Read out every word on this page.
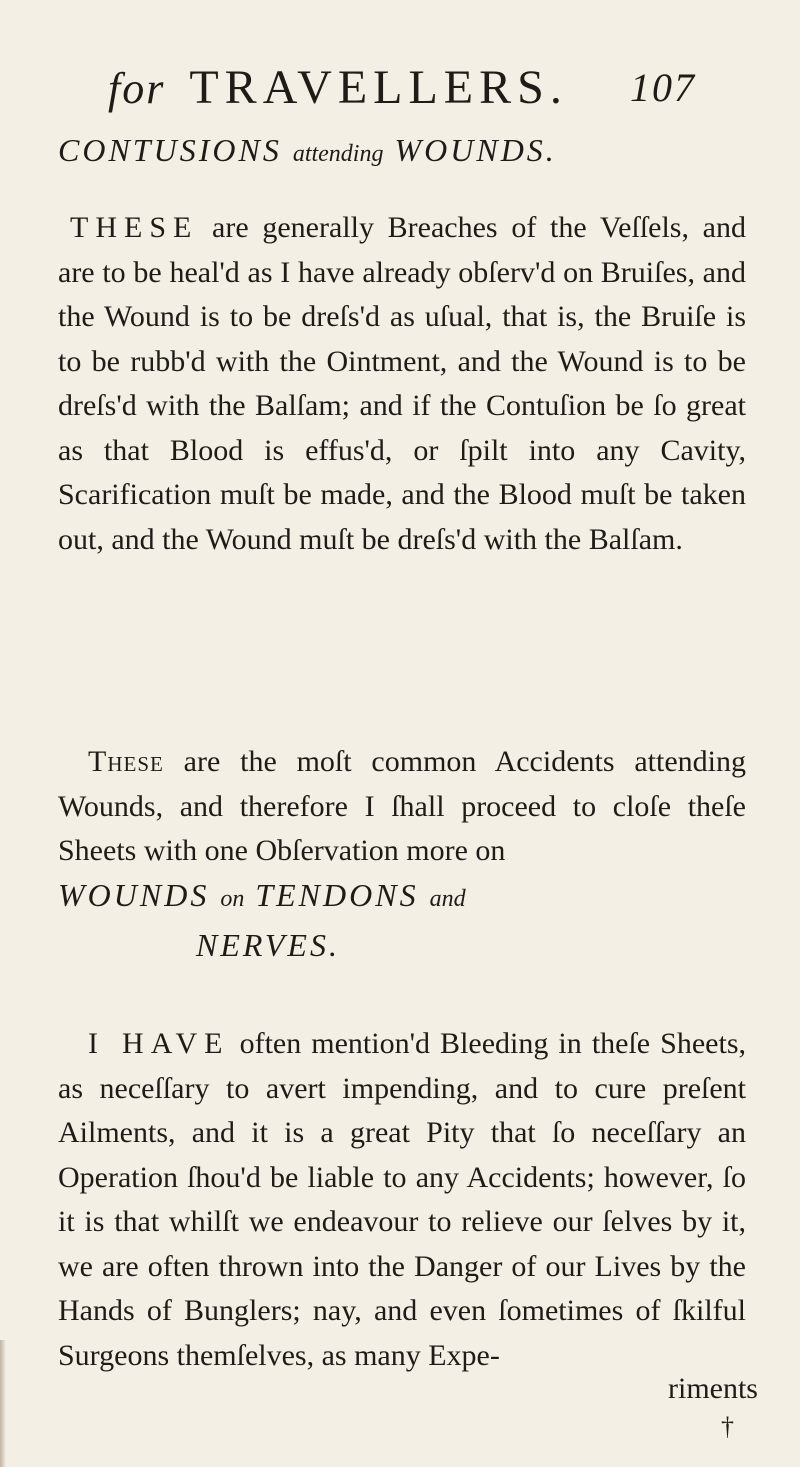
for TRAVELLERS. 107
CONTUSIONS attending WOUNDS.
THESE are generally Breaches of the Veſſels, and are to be heal'd as I have already obſerv'd on Bruiſes, and the Wound is to be dreſs'd as uſual, that is, the Bruiſe is to be rubb'd with the Ointment, and the Wound is to be dreſs'd with the Balſam; and if the Contuſion be ſo great as that Blood is effus'd, or ſpilt into any Cavity, Scarification muſt be made, and the Blood muſt be taken out, and the Wound muſt be dreſs'd with the Balſam.
 These are the moſt common Accidents attending Wounds, and therefore I ſhall proceed to cloſe theſe Sheets with one Obſervation more on
WOUNDS on TENDONS and
NERVES.
 I HAVE often mention'd Bleeding in theſe Sheets, as neceſſary to avert impending, and to cure preſent Ailments, and it is a great Pity that ſo neceſſary an Operation ſhou'd be liable to any Accidents; however, ſo it is that whilſt we endeavour to relieve our ſelves by it, we are often thrown into the Danger of our Lives by the Hands of Bunglers; nay, and even ſometimes of ſkilful Surgeons themſelves, as many Expe-
riments
†
